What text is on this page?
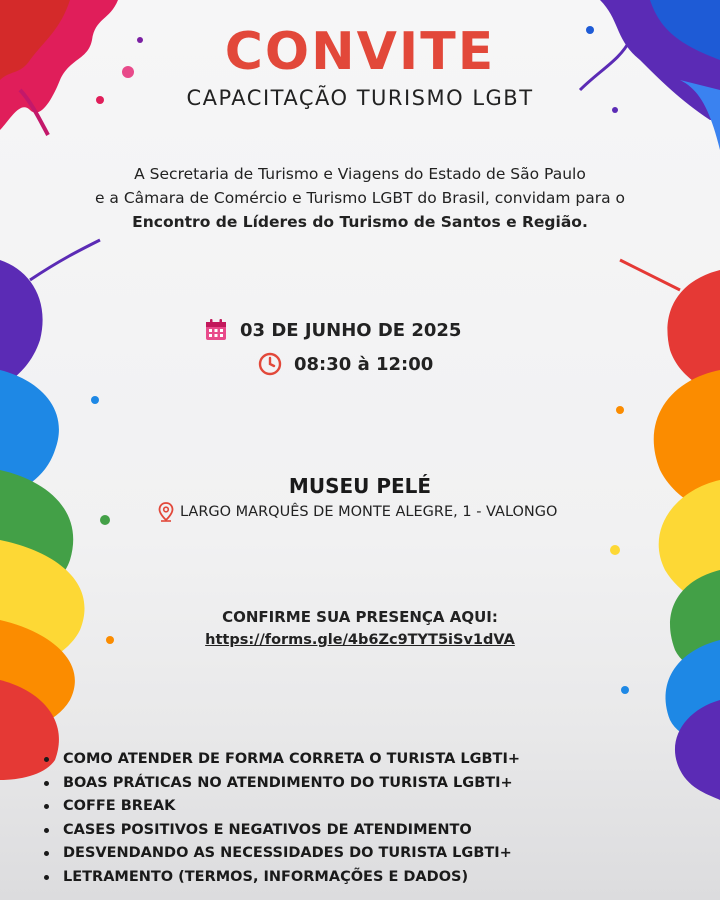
CONVITE
CAPACITAÇÃO TURISMO LGBT
A Secretaria de Turismo e Viagens do Estado de São Paulo
e a Câmara de Comércio e Turismo LGBT do Brasil, convidam para o
Encontro de Líderes do Turismo de Santos e Região.
03 DE JUNHO DE 2025
08:30 à 12:00
MUSEU PELÉ
LARGO MARQUÊS DE MONTE ALEGRE, 1 - VALONGO
CONFIRME SUA PRESENÇA AQUI:
https://forms.gle/4b6Zc9TYT5iSv1dVA
COMO ATENDER DE FORMA CORRETA O TURISTA LGBTI+
BOAS PRÁTICAS NO ATENDIMENTO DO TURISTA LGBTI+
COFFE BREAK
CASES POSITIVOS E NEGATIVOS DE ATENDIMENTO
DESVENDANDO AS NECESSIDADES DO TURISTA LGBTI+
LETRAMENTO (TERMOS, INFORMAÇÕES E DADOS)
